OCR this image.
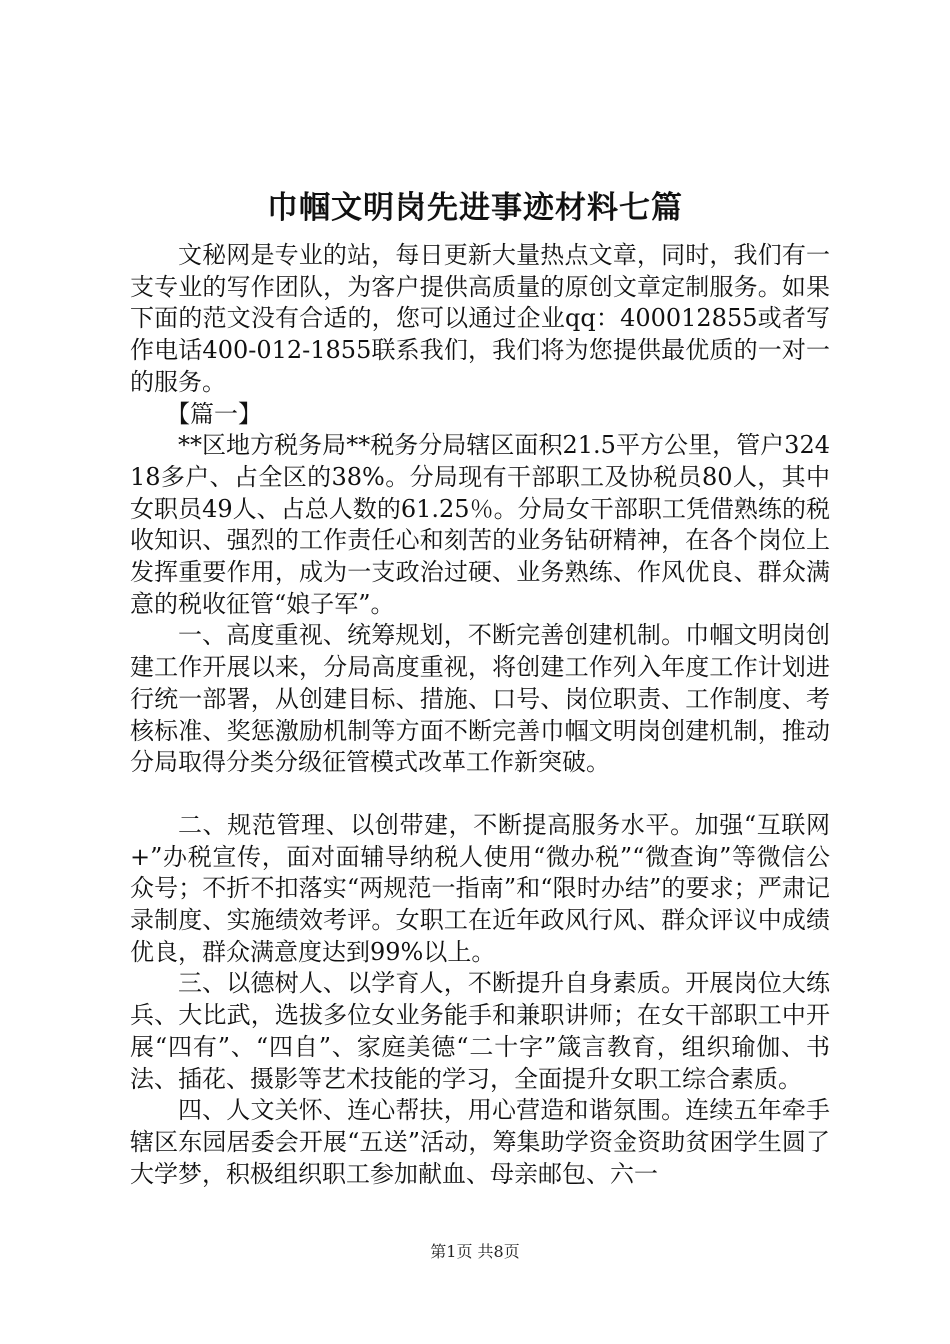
巾帼文明岗先进事迹材料七篇

文秘网是专业的站，每日更新大量热点文章，同时，我们有一支专业的写作团队，为客户提供高质量的原创文章定制服务。如果下面的范文没有合适的，您可以通过企业qq：400012855或者写作电话400-012-1855联系我们，我们将为您提供最优质的一对一的服务。

【篇一】

**区地方税务局**税务分局辖区面积21.5平方公里，管户32418多户、占全区的38%。分局现有干部职工及协税员80人，其中女职员49人、占总人数的61.25％。分局女干部职工凭借熟练的税收知识、强烈的工作责任心和刻苦的业务钻研精神，在各个岗位上发挥重要作用，成为一支政治过硬、业务熟练、作风优良、群众满意的税收征管“娘子军”。

一、高度重视、统筹规划，不断完善创建机制。巾帼文明岗创建工作开展以来，分局高度重视，将创建工作列入年度工作计划进行统一部署，从创建目标、措施、口号、岗位职责、工作制度、考核标准、奖惩激励机制等方面不断完善巾帼文明岗创建机制，推动分局取得分类分级征管模式改革工作新突破。

二、规范管理、以创带建，不断提高服务水平。加强“互联网+”办税宣传，面对面辅导纳税人使用“微办税”“微查询”等微信公众号；不折不扣落实“两规范一指南”和“限时办结”的要求；严肃记录制度、实施绩效考评。女职工在近年政风行风、群众评议中成绩优良，群众满意度达到99%以上。

三、以德树人、以学育人，不断提升自身素质。开展岗位大练兵、大比武，选拔多位女业务能手和兼职讲师；在女干部职工中开展“四有”、“四自”、家庭美德“二十字”箴言教育，组织瑜伽、书法、插花、摄影等艺术技能的学习，全面提升女职工综合素质。

四、人文关怀、连心帮扶，用心营造和谐氛围。连续五年牵手辖区东园居委会开展“五送”活动，筹集助学资金资助贫困学生圆了大学梦，积极组织职工参加献血、母亲邮包、六一

第1页 共8页
